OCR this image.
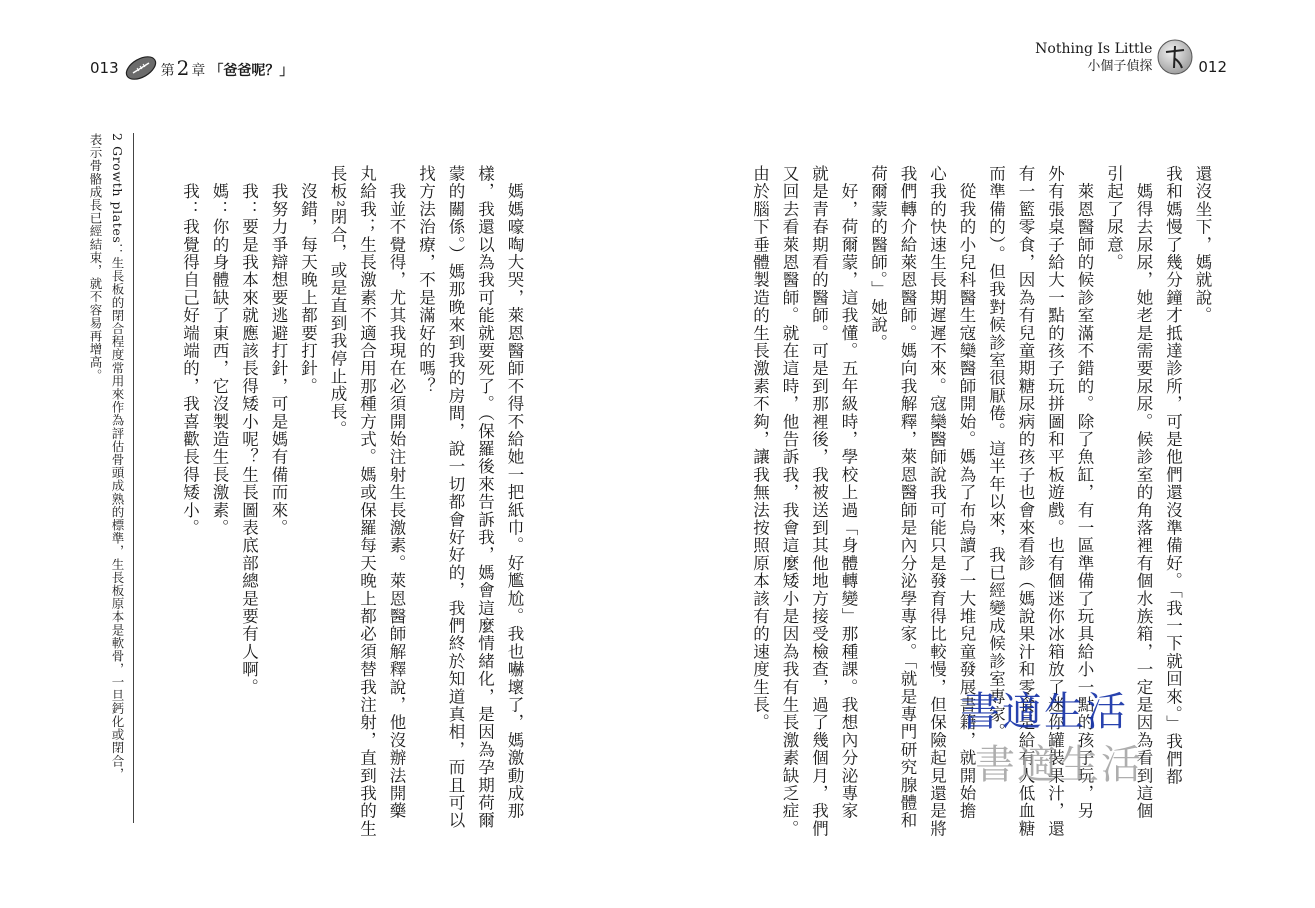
013	第 2 章 「爸爸呢？」
Nothing Is Little
小個子偵探	012
還沒坐下，媽就說。
我和媽慢了幾分鐘才抵達診所，可是他們還沒準備好。「我一下就回來。」我們都
　媽得去尿尿，她老是需要尿尿。候診室的角落裡有個水族箱，一定是因為看到這個
引起了尿意。
　萊恩醫師的候診室滿不錯的。除了魚缸，有一區準備了玩具給小一點的孩子玩，另
外有張桌子給大一點的孩子玩拼圖和平板遊戲。也有個迷你冰箱放了迷你罐裝果汁，還
有一籃零食，因為有兒童期糖尿病的孩子也會來看診（媽說果汁和零食是給有人低血糖
而準備的）。但我對候診室很厭倦。這半年以來，我已經變成候診室專家。
　從我的小兒科醫生寇欒醫師開始。媽為了布烏讀了一大堆兒童發展書籍，就開始擔
心我的快速生長期遲遲不來。寇欒醫師說我可能只是發育得比較慢，但保險起見還是將
我們轉介給萊恩醫師。媽向我解釋，萊恩醫師是內分泌學專家。「就是專門研究腺體和
荷爾蒙的醫師。」她說。
　好，荷爾蒙，這我懂。五年級時，學校上過「身體轉變」那種課。我想內分泌專家
就是青春期看的醫師。可是到那裡後，我被送到其他地方接受檢查，過了幾個月，我們
又回去看萊恩醫師。就在這時，他告訴我，我會這麼矮小是因為我有生長激素缺乏症。
由於腦下垂體製造的生長激素不夠，讓我無法按照原本該有的速度生長。
　媽媽嚎啕大哭，萊恩醫師不得不給她一把紙巾。好尷尬。我也嚇壞了，媽激動成那
樣，我還以為我可能就要死了。（保羅後來告訴我，媽會這麼情緒化，是因為孕期荷爾
蒙的關係。）媽那晚來到我的房間，說一切都會好好的，我們終於知道真相，而且可以
找方法治療，不是滿好的嗎？
　我並不覺得，尤其我現在必須開始注射生長激素。萊恩醫師解釋說，他沒辦法開藥
丸給我；生長激素不適合用那種方式。媽或保羅每天晚上都必須替我注射，直到我的生
長板²閉合，或是直到我停止成長。
　沒錯，每天晚上都要打針。
　我努力爭辯想要逃避打針，可是媽有備而來。
　我：要是我本來就應該長得矮小呢？生長圖表底部總是要有人啊。
　媽：你的身體缺了東西，它沒製造生長激素。
　我：我覺得自己好端端的，我喜歡長得矮小。
2 Growth plates：生長板的閉合程度常用來作為評估骨頭成熟的標準，生長板原本是軟骨，一旦鈣化或閉合，
表示骨骼成長已經結束，就不容易再增高。
書適生活
書適生活
